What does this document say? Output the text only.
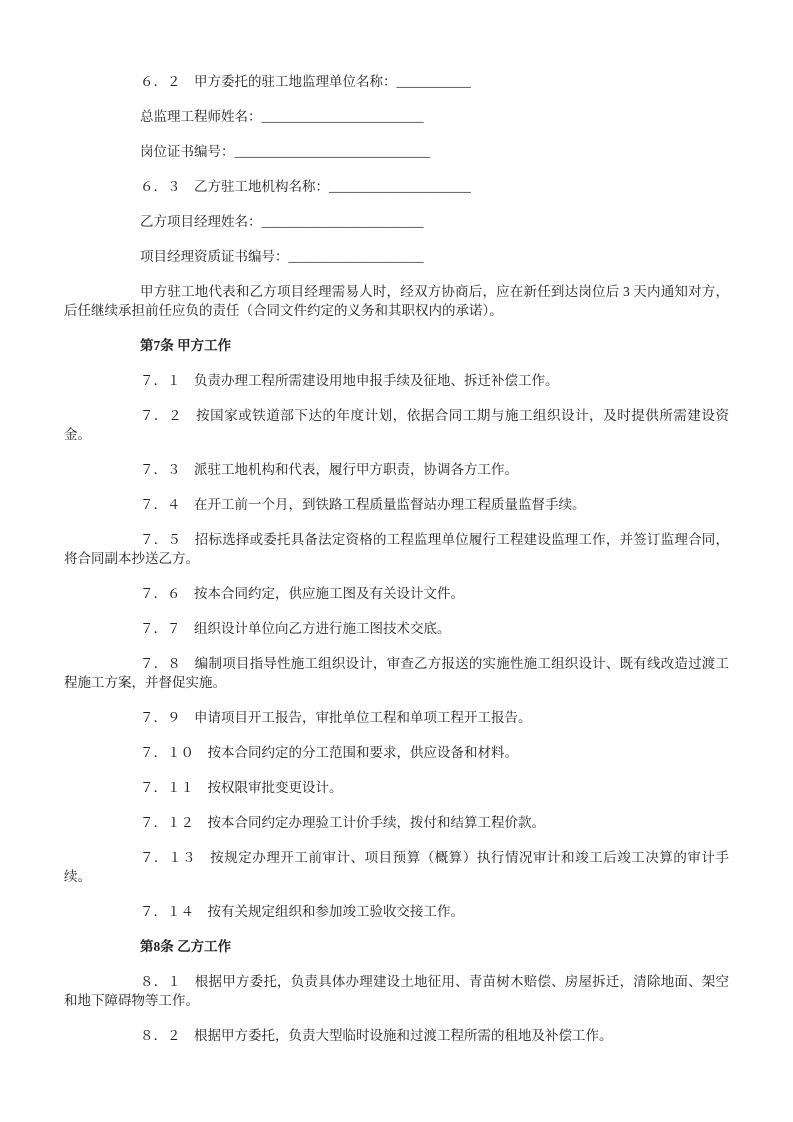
６．２　甲方委托的驻工地监理单位名称：___________

总监理工程师姓名：________________________

岗位证书编号：_____________________________

６．３　乙方驻工地机构名称：_____________________

乙方项目经理姓名：________________________

项目经理资质证书编号：____________________

甲方驻工地代表和乙方项目经理需易人时，经双方协商后，应在新任到达岗位后 3 天内通知对方，后任继续承担前任应负的责任（合同文件约定的义务和其职权内的承诺）。

第7条 甲方工作

７．１　负责办理工程所需建设用地申报手续及征地、拆迁补偿工作。

７．２　按国家或铁道部下达的年度计划，依据合同工期与施工组织设计，及时提供所需建设资金。

７．３　派驻工地机构和代表，履行甲方职责，协调各方工作。

７．４　在开工前一个月，到铁路工程质量监督站办理工程质量监督手续。

７．５　招标选择或委托具备法定资格的工程监理单位履行工程建设监理工作，并签订监理合同，将合同副本抄送乙方。

７．６　按本合同约定，供应施工图及有关设计文件。

７．７　组织设计单位向乙方进行施工图技术交底。

７．８　编制项目指导性施工组织设计，审查乙方报送的实施性施工组织设计、既有线改造过渡工程施工方案，并督促实施。

７．９　申请项目开工报告，审批单位工程和单项工程开工报告。

７．１０　按本合同约定的分工范围和要求，供应设备和材料。

７．１１　按权限审批变更设计。

７．１２　按本合同约定办理验工计价手续，拨付和结算工程价款。

７．１３　按规定办理开工前审计、项目预算（概算）执行情况审计和竣工后竣工决算的审计手续。

７．１４　按有关规定组织和参加竣工验收交接工作。

第8条 乙方工作

８．１　根据甲方委托，负责具体办理建设土地征用、青苗树木赔偿、房屋拆迁，清除地面、架空和地下障碍物等工作。

８．２　根据甲方委托，负责大型临时设施和过渡工程所需的租地及补偿工作。
